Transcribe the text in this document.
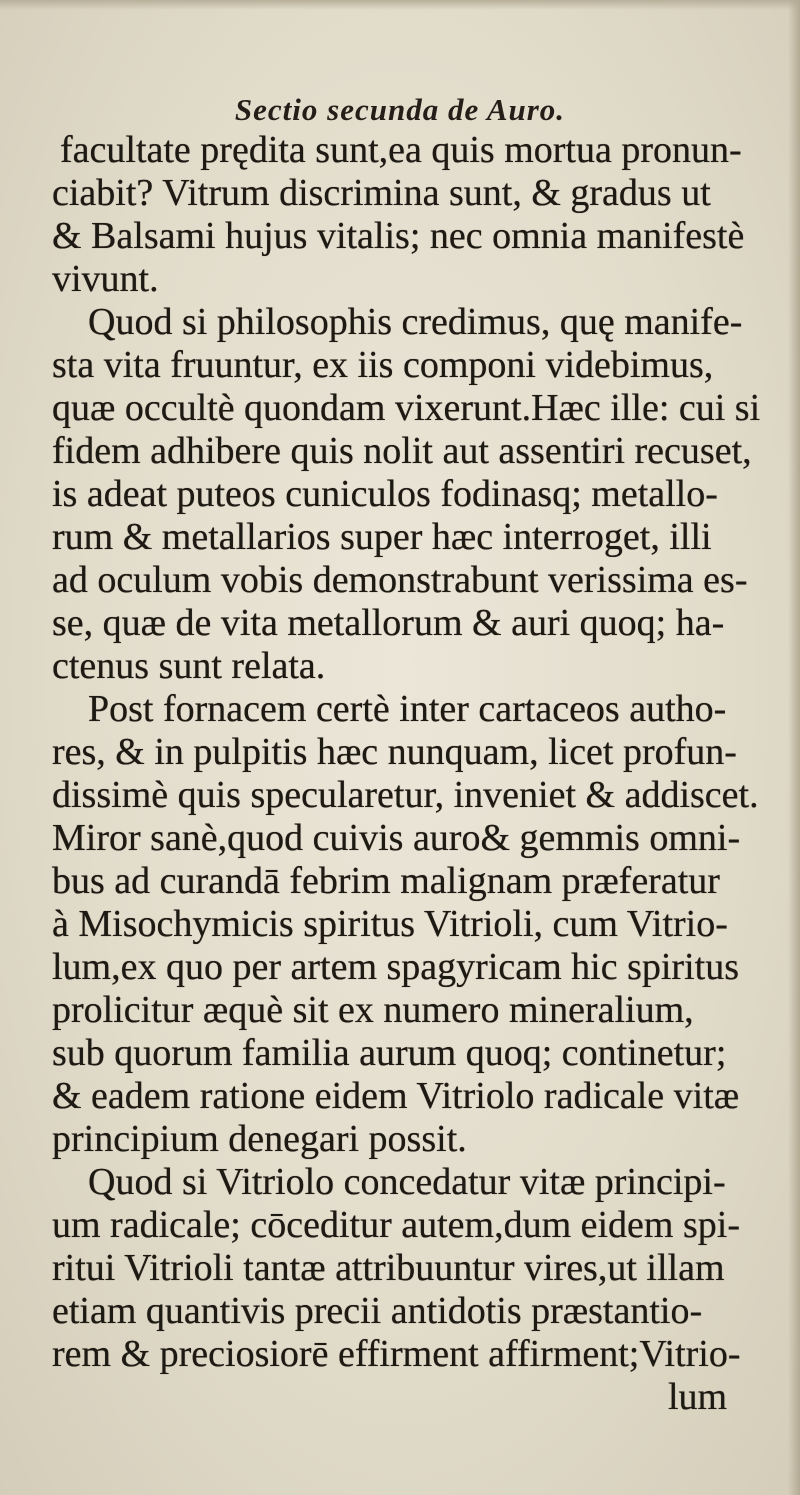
Sectio secunda de Auro.
facultate prędita sunt,ea quis mortua pronun-
ciabit? Vitrum discrimina sunt, & gradus ut
& Balsami hujus vitalis; nec omnia manifestè
vivunt.
Quod si philosophis credimus, quę manife-
sta vita fruuntur, ex iis componi videbimus,
quæ occultè quondam vixerunt.Hæc ille: cui si
fidem adhibere quis nolit aut assentiri recuset,
is adeat puteos cuniculos fodinasq; metallo-
rum & metallarios super hæc interroget, illi
ad oculum vobis demonstrabunt verissima es-
se, quæ de vita metallorum & auri quoq; ha-
ctenus sunt relata.
Post fornacem certè inter cartaceos autho-
res, & in pulpitis hæc nunquam, licet profun-
dissimè quis specularetur, inveniet & addiscet.
Miror sanè,quod cuivis auro& gemmis omni-
bus ad curandā febrim malignam præferatur
à Misochymicis spiritus Vitrioli, cum Vitrio-
lum,ex quo per artem spagyricam hic spiritus
prolicitur æquè sit ex numero mineralium,
sub quorum familia aurum quoq; continetur;
& eadem ratione eidem Vitriolo radicale vitæ
principium denegari possit.
Quod si Vitriolo concedatur vitæ principi-
um radicale; cōceditur autem,dum eidem spi-
ritui Vitrioli tantæ attribuuntur vires,ut illam
etiam quantivis precii antidotis præstantio-
rem & preciosiorē effirment affirment;Vitrio-
lum
